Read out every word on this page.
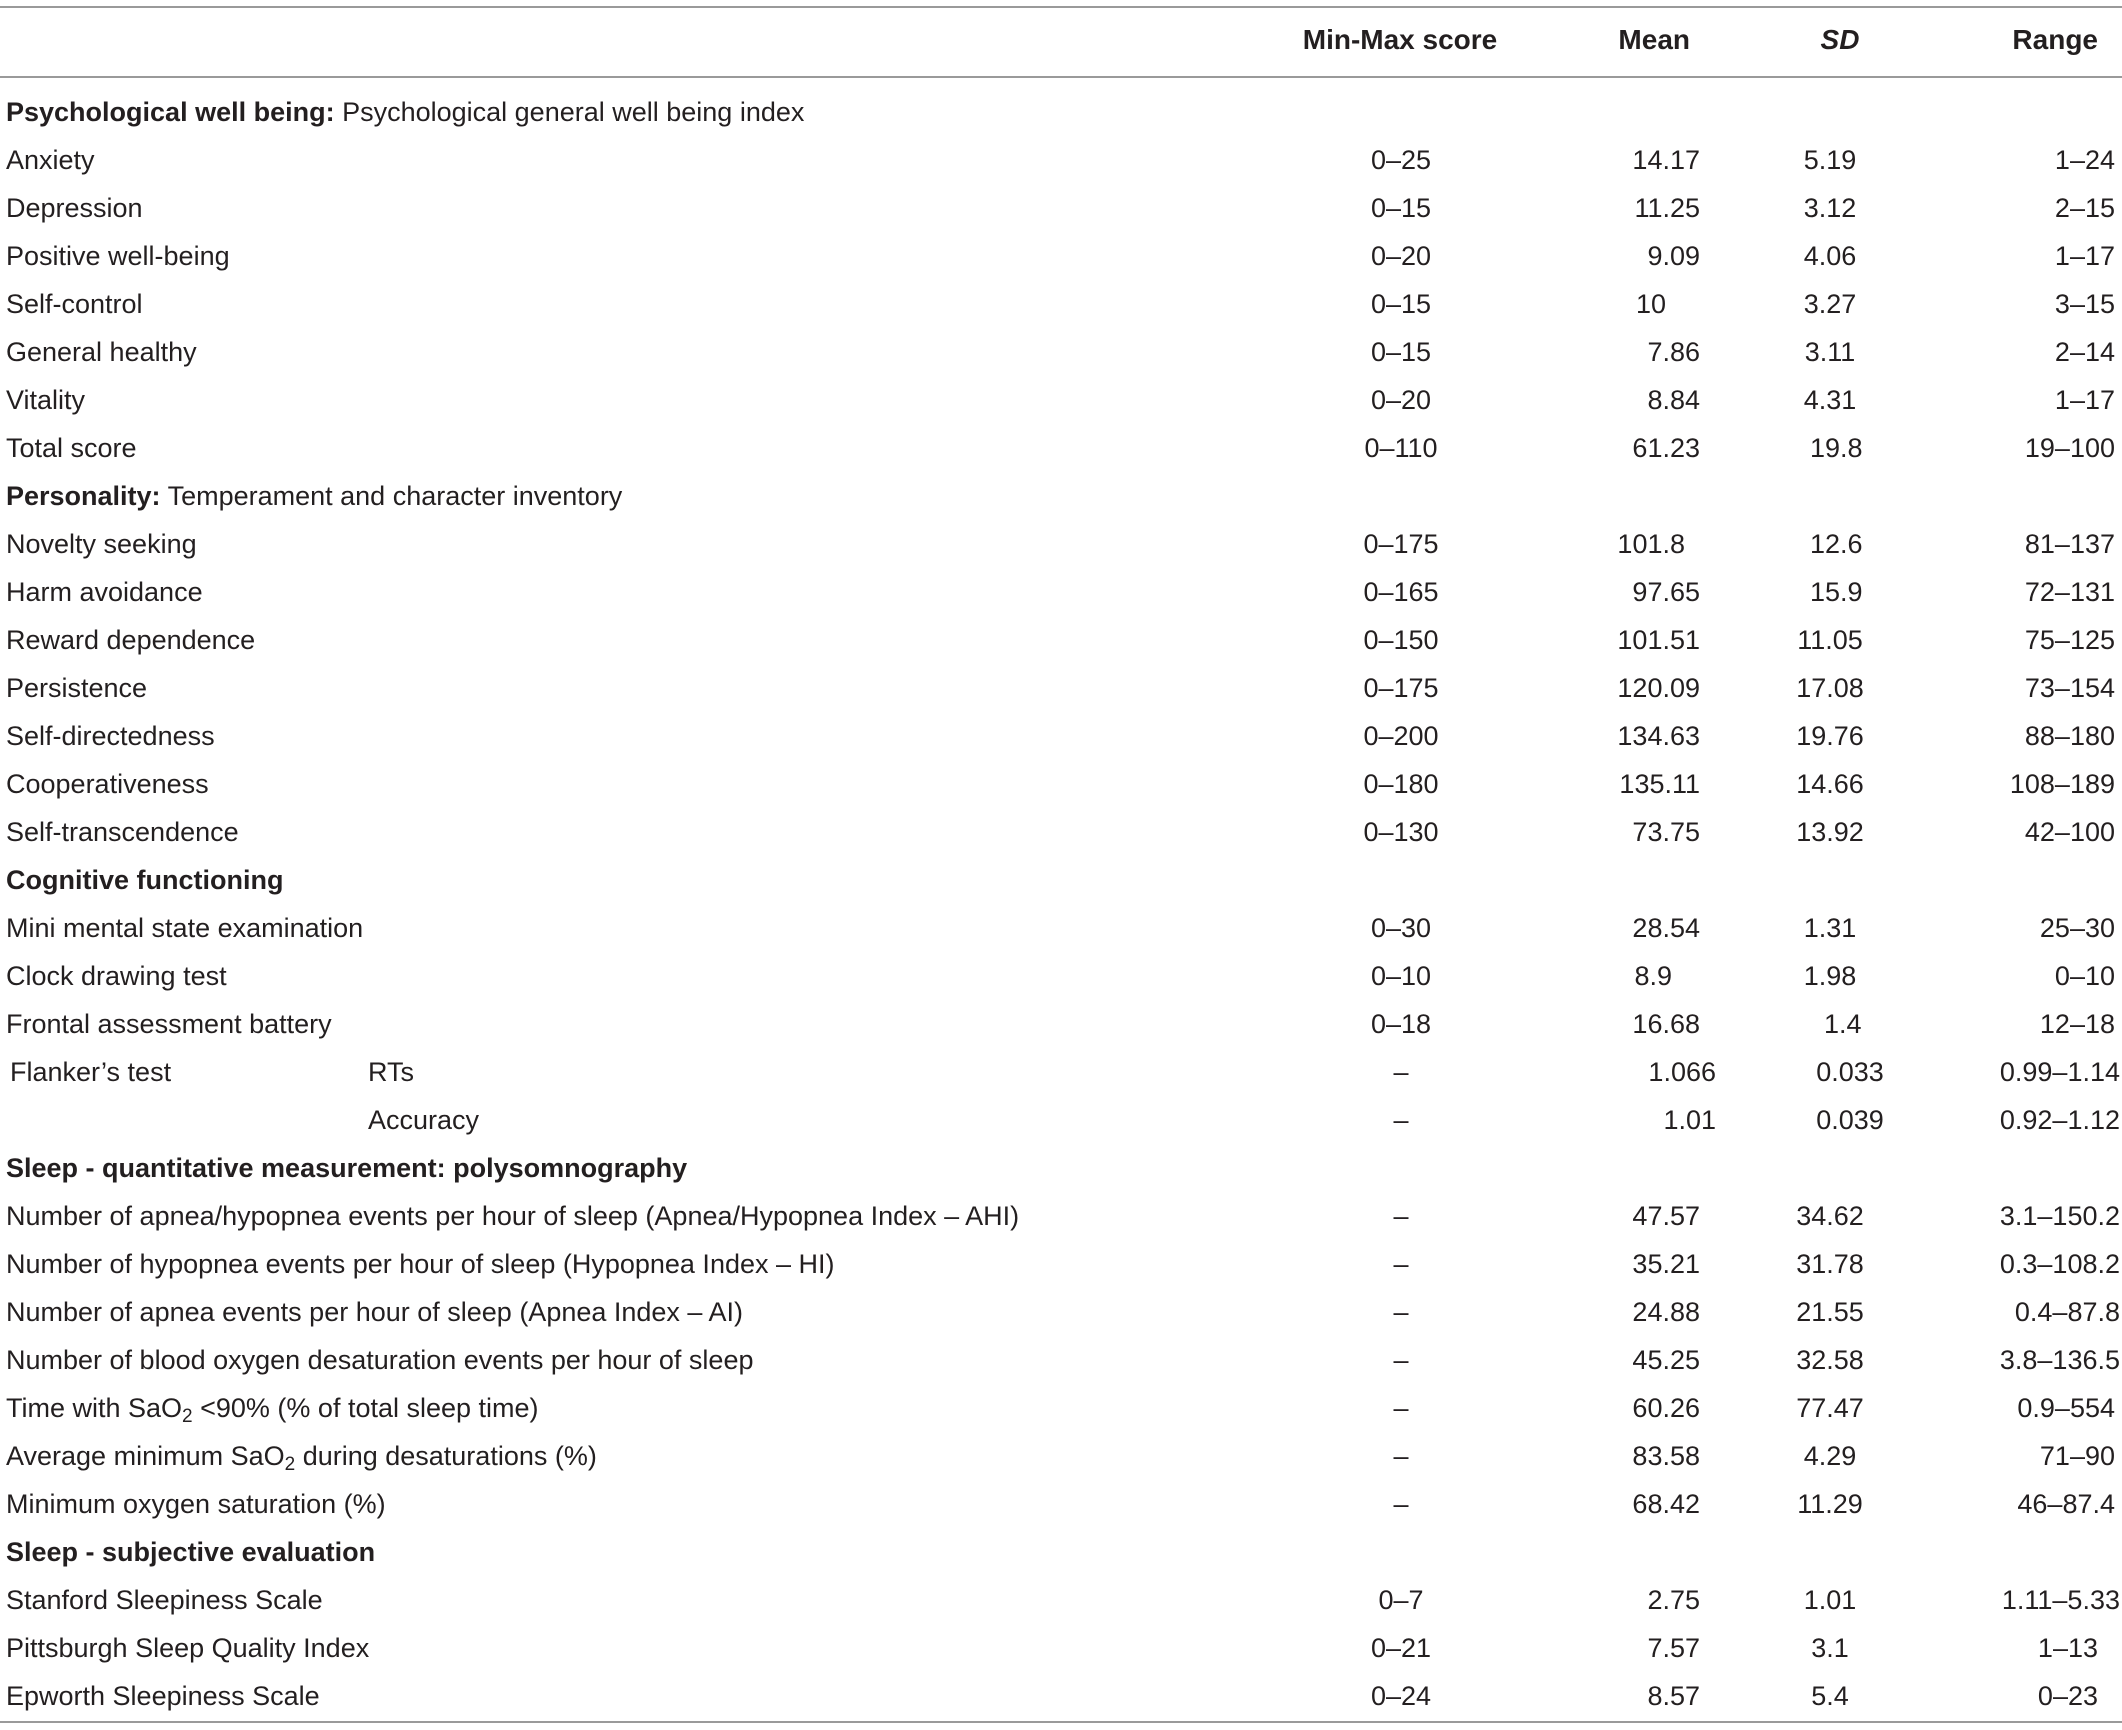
Min-Max score	Mean	SD	Range
Psychological well being: Psychological general well being index
Anxiety	0–25	14.17	5.19	1–24
Depression	0–15	11.25	3.12	2–15
Positive well-being	0–20	9.09	4.06	1–17
Self-control	0–15	10	3.27	3–15
General healthy	0–15	7.86	3.11	2–14
Vitality	0–20	8.84	4.31	1–17
Total score	0–110	61.23	19.8	19–100
Personality: Temperament and character inventory
Novelty seeking	0–175	101.8	12.6	81–137
Harm avoidance	0–165	97.65	15.9	72–131
Reward dependence	0–150	101.51	11.05	75–125
Persistence	0–175	120.09	17.08	73–154
Self-directedness	0–200	134.63	19.76	88–180
Cooperativeness	0–180	135.11	14.66	108–189
Self-transcendence	0–130	73.75	13.92	42–100
Cognitive functioning
Mini mental state examination	0–30	28.54	1.31	25–30
Clock drawing test	0–10	8.9	1.98	0–10
Frontal assessment battery	0–18	16.68	1.4	12–18
Flanker’s test	RTs	–	1.066	0.033	0.99–1.14
Accuracy	–	1.01	0.039	0.92–1.12
Sleep - quantitative measurement: polysomnography
Number of apnea/hypopnea events per hour of sleep (Apnea/Hypopnea Index – AHI)	–	47.57	34.62	3.1–150.2
Number of hypopnea events per hour of sleep (Hypopnea Index – HI)	–	35.21	31.78	0.3–108.2
Number of apnea events per hour of sleep (Apnea Index – AI)	–	24.88	21.55	0.4–87.8
Number of blood oxygen desaturation events per hour of sleep	–	45.25	32.58	3.8–136.5
Time with SaO$_2$ <90% (% of total sleep time)	–	60.26	77.47	0.9–554
Average minimum SaO$_2$ during desaturations (%)	–	83.58	4.29	71–90
Minimum oxygen saturation (%)	–	68.42	11.29	46–87.4
Sleep - subjective evaluation
Stanford Sleepiness Scale	0–7	2.75	1.01	1.11–5.33
Pittsburgh Sleep Quality Index	0–21	7.57	3.1	1–13
Epworth Sleepiness Scale	0–24	8.57	5.4	0–23
